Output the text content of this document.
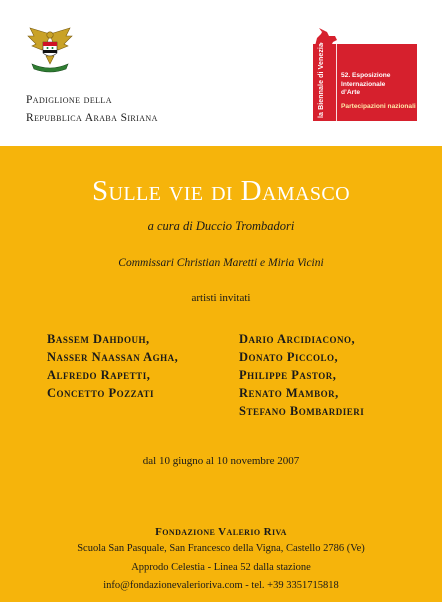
Padiglione della
Repubblica Araba Siriana	la Biennale di Venezia 52. Esposizione
Internazionale
d’Arte
Partecipazioni nazionali
Sulle vie di Damasco
a cura di Duccio Trombadori
Commissari Christian Maretti e Miria Vicini
artisti invitati
Bassem Dahdouh,
Nasser Naassan Agha,
Alfredo Rapetti,
Concetto Pozzati
Dario Arcidiacono,
Donato Piccolo,
Philippe Pastor,
Renato Mambor,
Stefano Bombardieri
dal 10 giugno al 10 novembre 2007
Fondazione Valerio Riva
Scuola San Pasquale, San Francesco della Vigna, Castello 2786 (Ve)
Approdo Celestia - Linea 52 dalla stazione
info@fondazionevaleriorivа.com - tel. +39 3351715818
